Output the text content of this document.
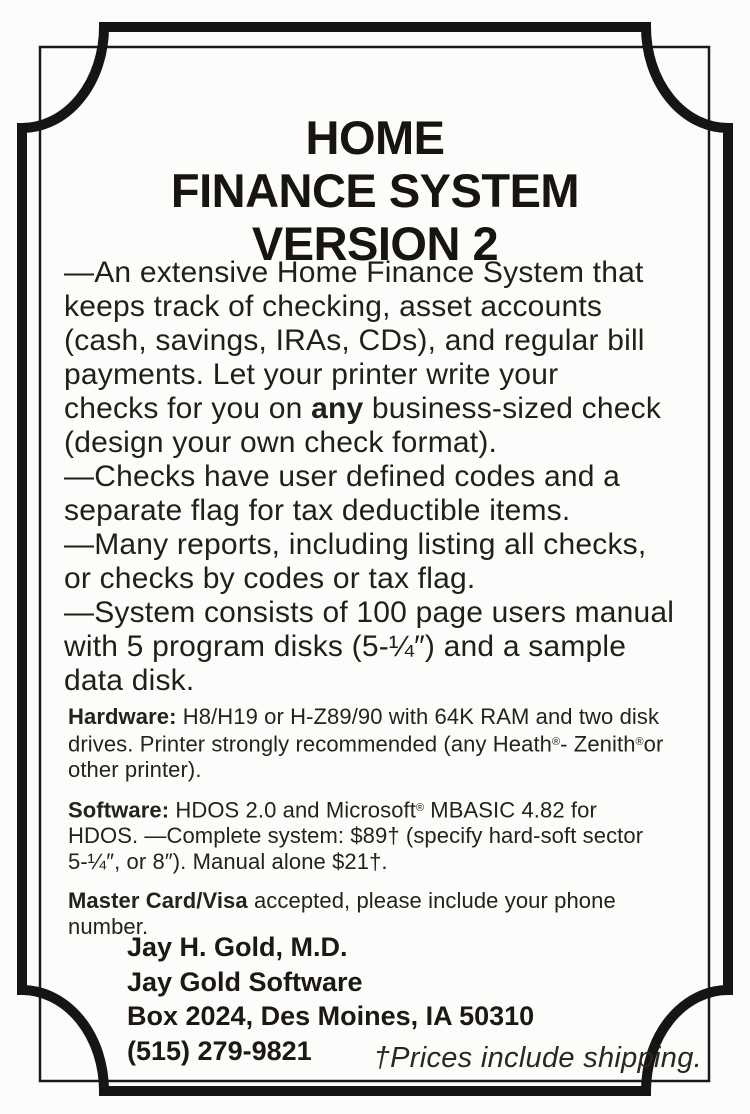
HOME
FINANCE SYSTEM
VERSION 2
—An extensive Home Finance System that
keeps track of checking, asset accounts
(cash, savings, IRAs, CDs), and regular bill
payments. Let your printer write your
checks for you on any business-sized check
(design your own check format).
—Checks have user defined codes and a
separate flag for tax deductible items.
—Many reports, including listing all checks,
or checks by codes or tax flag.
—System consists of 100 page users manual
with 5 program disks (5-¼″) and a sample
data disk.
Hardware: H8/H19 or H-Z89/90 with 64K RAM and two disk
drives. Printer strongly recommended (any Heath®- Zenith®or
other printer).
Software: HDOS 2.0 and Microsoft® MBASIC 4.82 for
HDOS. —Complete system: $89† (specify hard-soft sector
5-¼″, or 8″). Manual alone $21†.
Master Card/Visa accepted, please include your phone
number.
Jay H. Gold, M.D.
Jay Gold Software
Box 2024, Des Moines, IA 50310
(515) 279-9821	†Prices include shipping.
